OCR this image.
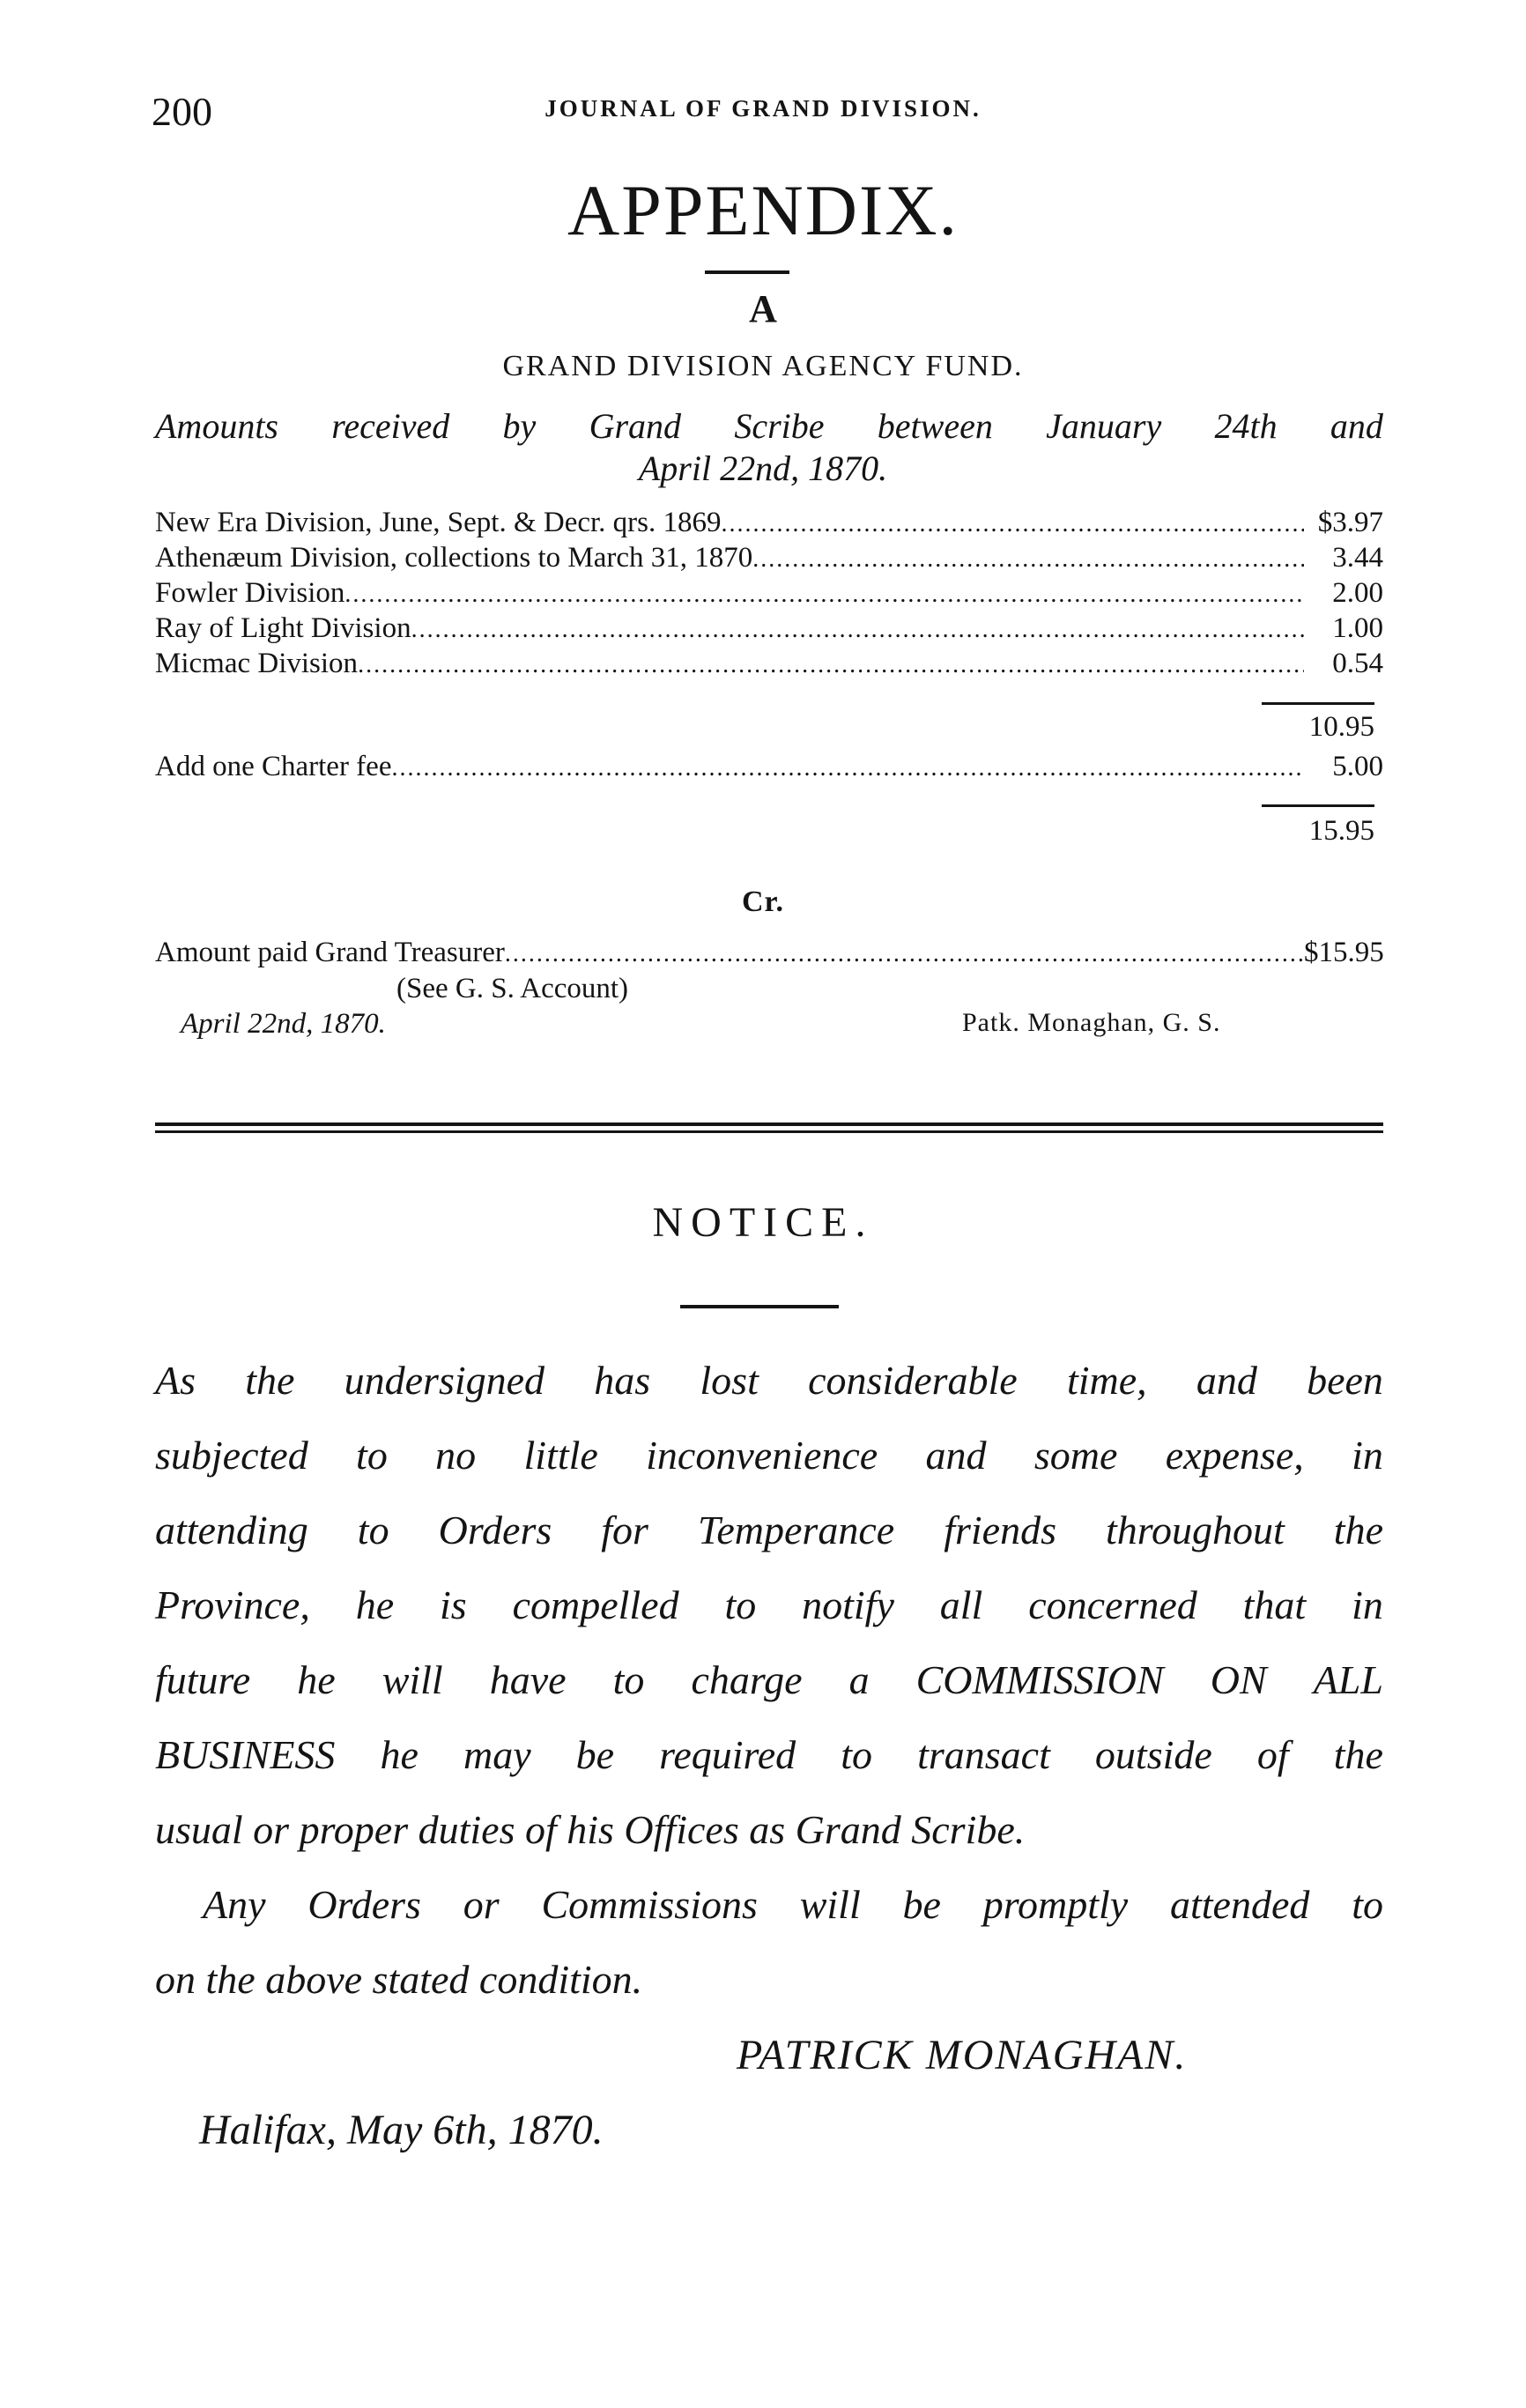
200	JOURNAL OF GRAND DIVISION.
APPENDIX.
A
GRAND DIVISION AGENCY FUND.
Amounts received by Grand Scribe between January 24th and
April 22nd, 1870.
New Era Division, June, Sept. & Decr. qrs. 1869 .....	$3.97
Athenæum Division, collections to March 31, 1870 .....	3.44
Fowler Division .....	2.00
Ray of Light Division .....	1.00
Micmac Division .....	0.54
10.95
Add one Charter fee .....	5.00
15.95
Cr.
Amount paid Grand Treasurer .....	$15.95
(See G. S. Account)
April 22nd, 1870.	Patk. Monaghan, G. S.
NOTICE.
As the undersigned has lost considerable time, and been
subjected to no little inconvenience and some expense, in
attending to Orders for Temperance friends throughout the
Province, he is compelled to notify all concerned that in
future he will have to charge a COMMISSION ON ALL
BUSINESS he may be required to transact outside of the
usual or proper duties of his Offices as Grand Scribe.
Any Orders or Commissions will be promptly attended to
on the above stated condition.
PATRICK MONAGHAN.
Halifax, May 6th, 1870.
